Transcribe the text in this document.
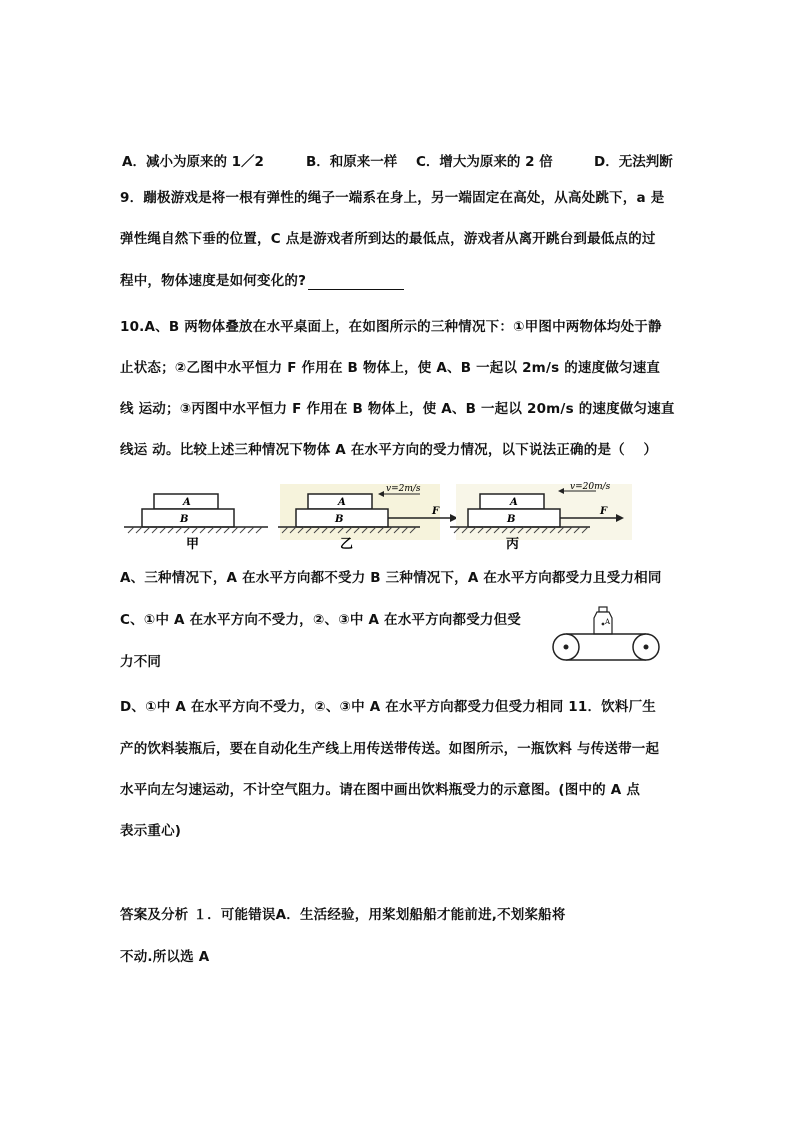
A．减小为原来的 1／2	B．和原来一样 C．增大为原来的 2 倍	D．无法判断
9．蹦极游戏是将一根有弹性的绳子一端系在身上，另一端固定在高处，从高处跳下，a 是
弹性绳自然下垂的位置，C 点是游戏者所到达的最低点，游戏者从离开跳台到最低点的过
程中，物体速度是如何变化的?
10.A、B 两物体叠放在水平桌面上，在如图所示的三种情况下：①甲图中两物体均处于静
止状态；②乙图中水平恒力 F 作用在 B 物体上，使 A、B 一起以 2m/s 的速度做匀速直
线 运动；③丙图中水平恒力 F 作用在 B 物体上，使 A、B 一起以 20m/s 的速度做匀速直
线运 动。比较上述三种情况下物体 A 在水平方向的受力情况，以下说法正确的是（　 ）
A
B
甲
v=2m/s
A
B
F
乙
v=20m/s
A
B
F
丙
A、三种情况下，A 在水平方向都不受力 B 三种情况下，A 在水平方向都受力且受力相同
C、①中 A 在水平方向不受力，②、③中 A 在水平方向都受力但受
力不同
A
D、①中 A 在水平方向不受力，②、③中 A 在水平方向都受力但受力相同 11．饮料厂生
产的饮料装瓶后，要在自动化生产线上用传送带传送。如图所示，一瓶饮料 与传送带一起
水平向左匀速运动，不计空气阻力。请在图中画出饮料瓶受力的示意图。(图中的 A 点
表示重心)
答案及分析 １．可能错误A．生活经验，用桨划船船才能前进,不划桨船将
不动.所以选 A
